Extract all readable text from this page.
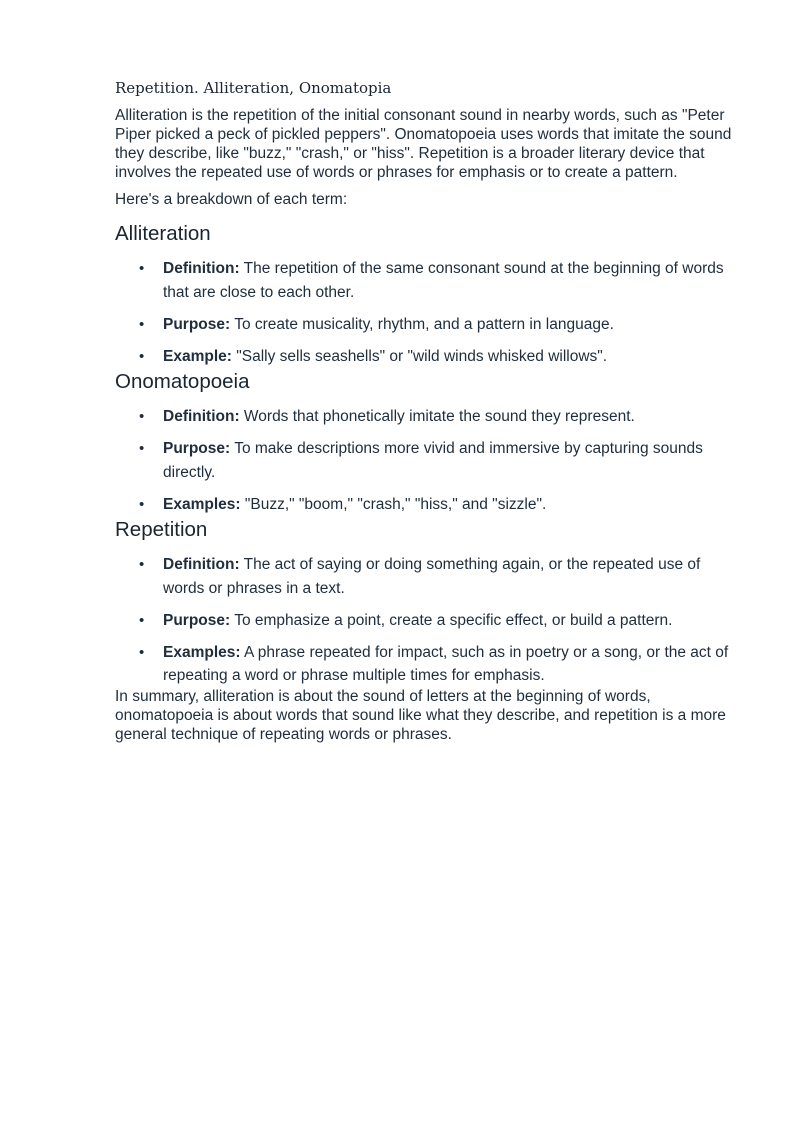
Repetition. Alliteration, Onomatopia

Alliteration is the repetition of the initial consonant sound in nearby words, such as "Peter Piper picked a peck of pickled peppers". Onomatopoeia uses words that imitate the sound they describe, like "buzz," "crash," or "hiss". Repetition is a broader literary device that involves the repeated use of words or phrases for emphasis or to create a pattern.

Here's a breakdown of each term:

Alliteration
• Definition: The repetition of the same consonant sound at the beginning of words that are close to each other.
• Purpose: To create musicality, rhythm, and a pattern in language.
• Example: "Sally sells seashells" or "wild winds whisked willows".
Onomatopoeia
• Definition: Words that phonetically imitate the sound they represent.
• Purpose: To make descriptions more vivid and immersive by capturing sounds directly.
• Examples: "Buzz," "boom," "crash," "hiss," and "sizzle".
Repetition
• Definition: The act of saying or doing something again, or the repeated use of words or phrases in a text.
• Purpose: To emphasize a point, create a specific effect, or build a pattern.
• Examples: A phrase repeated for impact, such as in poetry or a song, or the act of repeating a word or phrase multiple times for emphasis.

In summary, alliteration is about the sound of letters at the beginning of words, onomatopoeia is about words that sound like what they describe, and repetition is a more general technique of repeating words or phrases.
